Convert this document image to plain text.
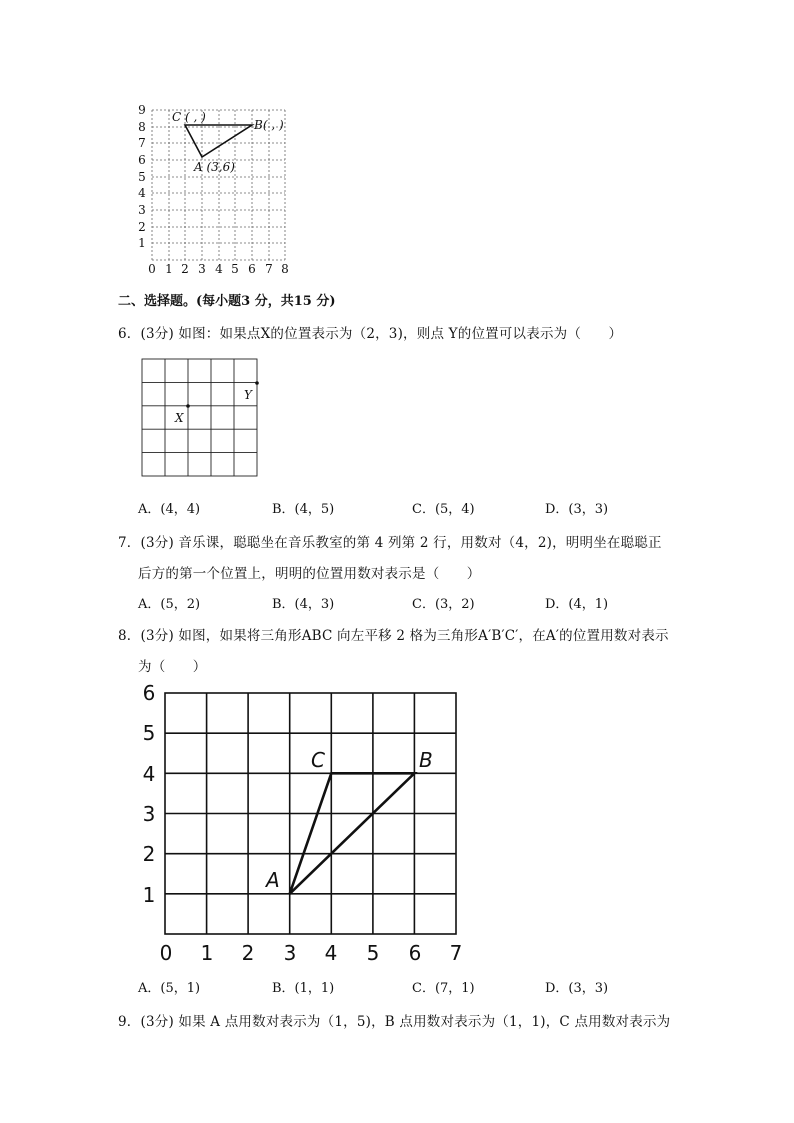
9
8
7
6
5
4
3
2
1
0 1 2 3 4 5 6 7 8
C ( , )
B( , )
A (3,6)
二、选择题。(每小题3 分，共15 分)
6．(3分) 如图：如果点X的位置表示为（2，3)，则点 Y的位置可以表示为（　　）
X
Y
A．(4，4)	B．(4，5)	C．(5，4)	D．(3，3)
7．(3分) 音乐课，聪聪坐在音乐教室的第 4 列第 2 行，用数对（4，2)，明明坐在聪聪正
后方的第一个位置上，明明的位置用数对表示是（　　）
A．(5，2)	B．(4，3)	C．(3，2)	D．(4，1)
8．(3分) 如图，如果将三角形ABC 向左平移 2 格为三角形A′B′C′，在A′的位置用数对表示
为（　　）
6
5
4
3
2
1
0 1 2 3 4 5 6 7
A
B
C
A．(5，1)	B．(1，1)	C．(7，1)	D．(3，3)
9．(3分) 如果 A 点用数对表示为（1，5)，B 点用数对表示为（1，1)，C 点用数对表示为
